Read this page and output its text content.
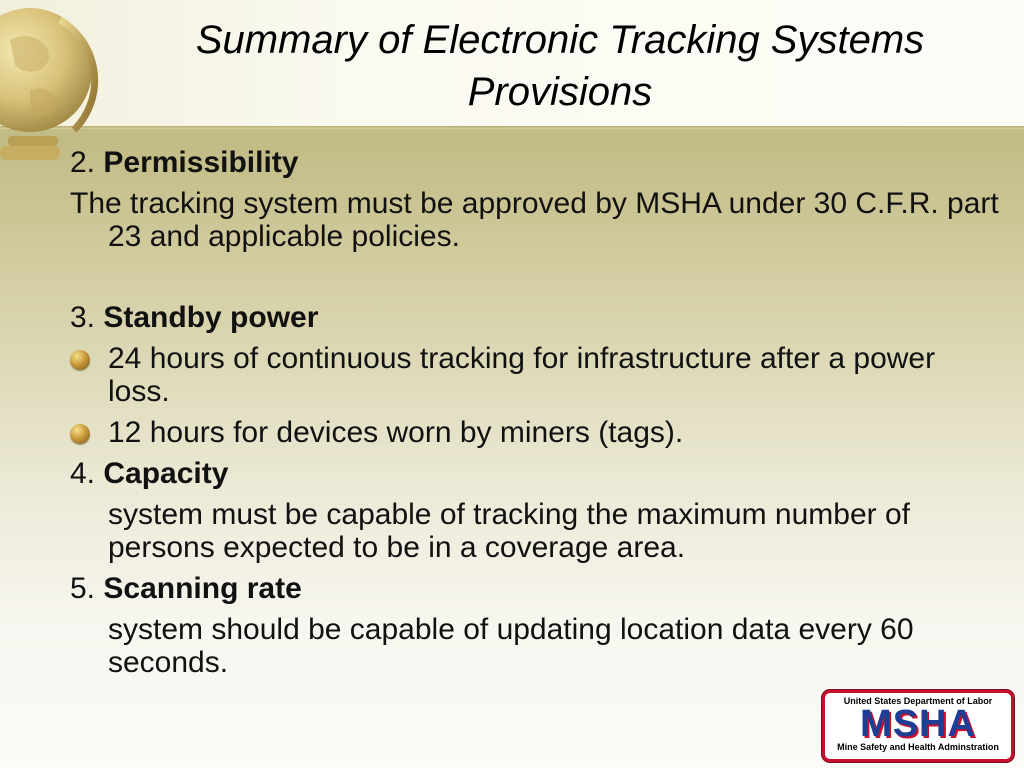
Summary of Electronic Tracking Systems
Provisions

2. Permissibility

The tracking system must be approved by MSHA under 30 C.F.R. part 23 and applicable policies.

3. Standby power

24 hours of continuous tracking for infrastructure after a power loss.
12 hours for devices worn by miners (tags).

4. Capacity

system must be capable of tracking the maximum number of persons expected to be in a coverage area.

5. Scanning rate

system should be capable of updating location data every 60 seconds.

United States Department of Labor
MSHA
Mine Safety and Health Adminstration
